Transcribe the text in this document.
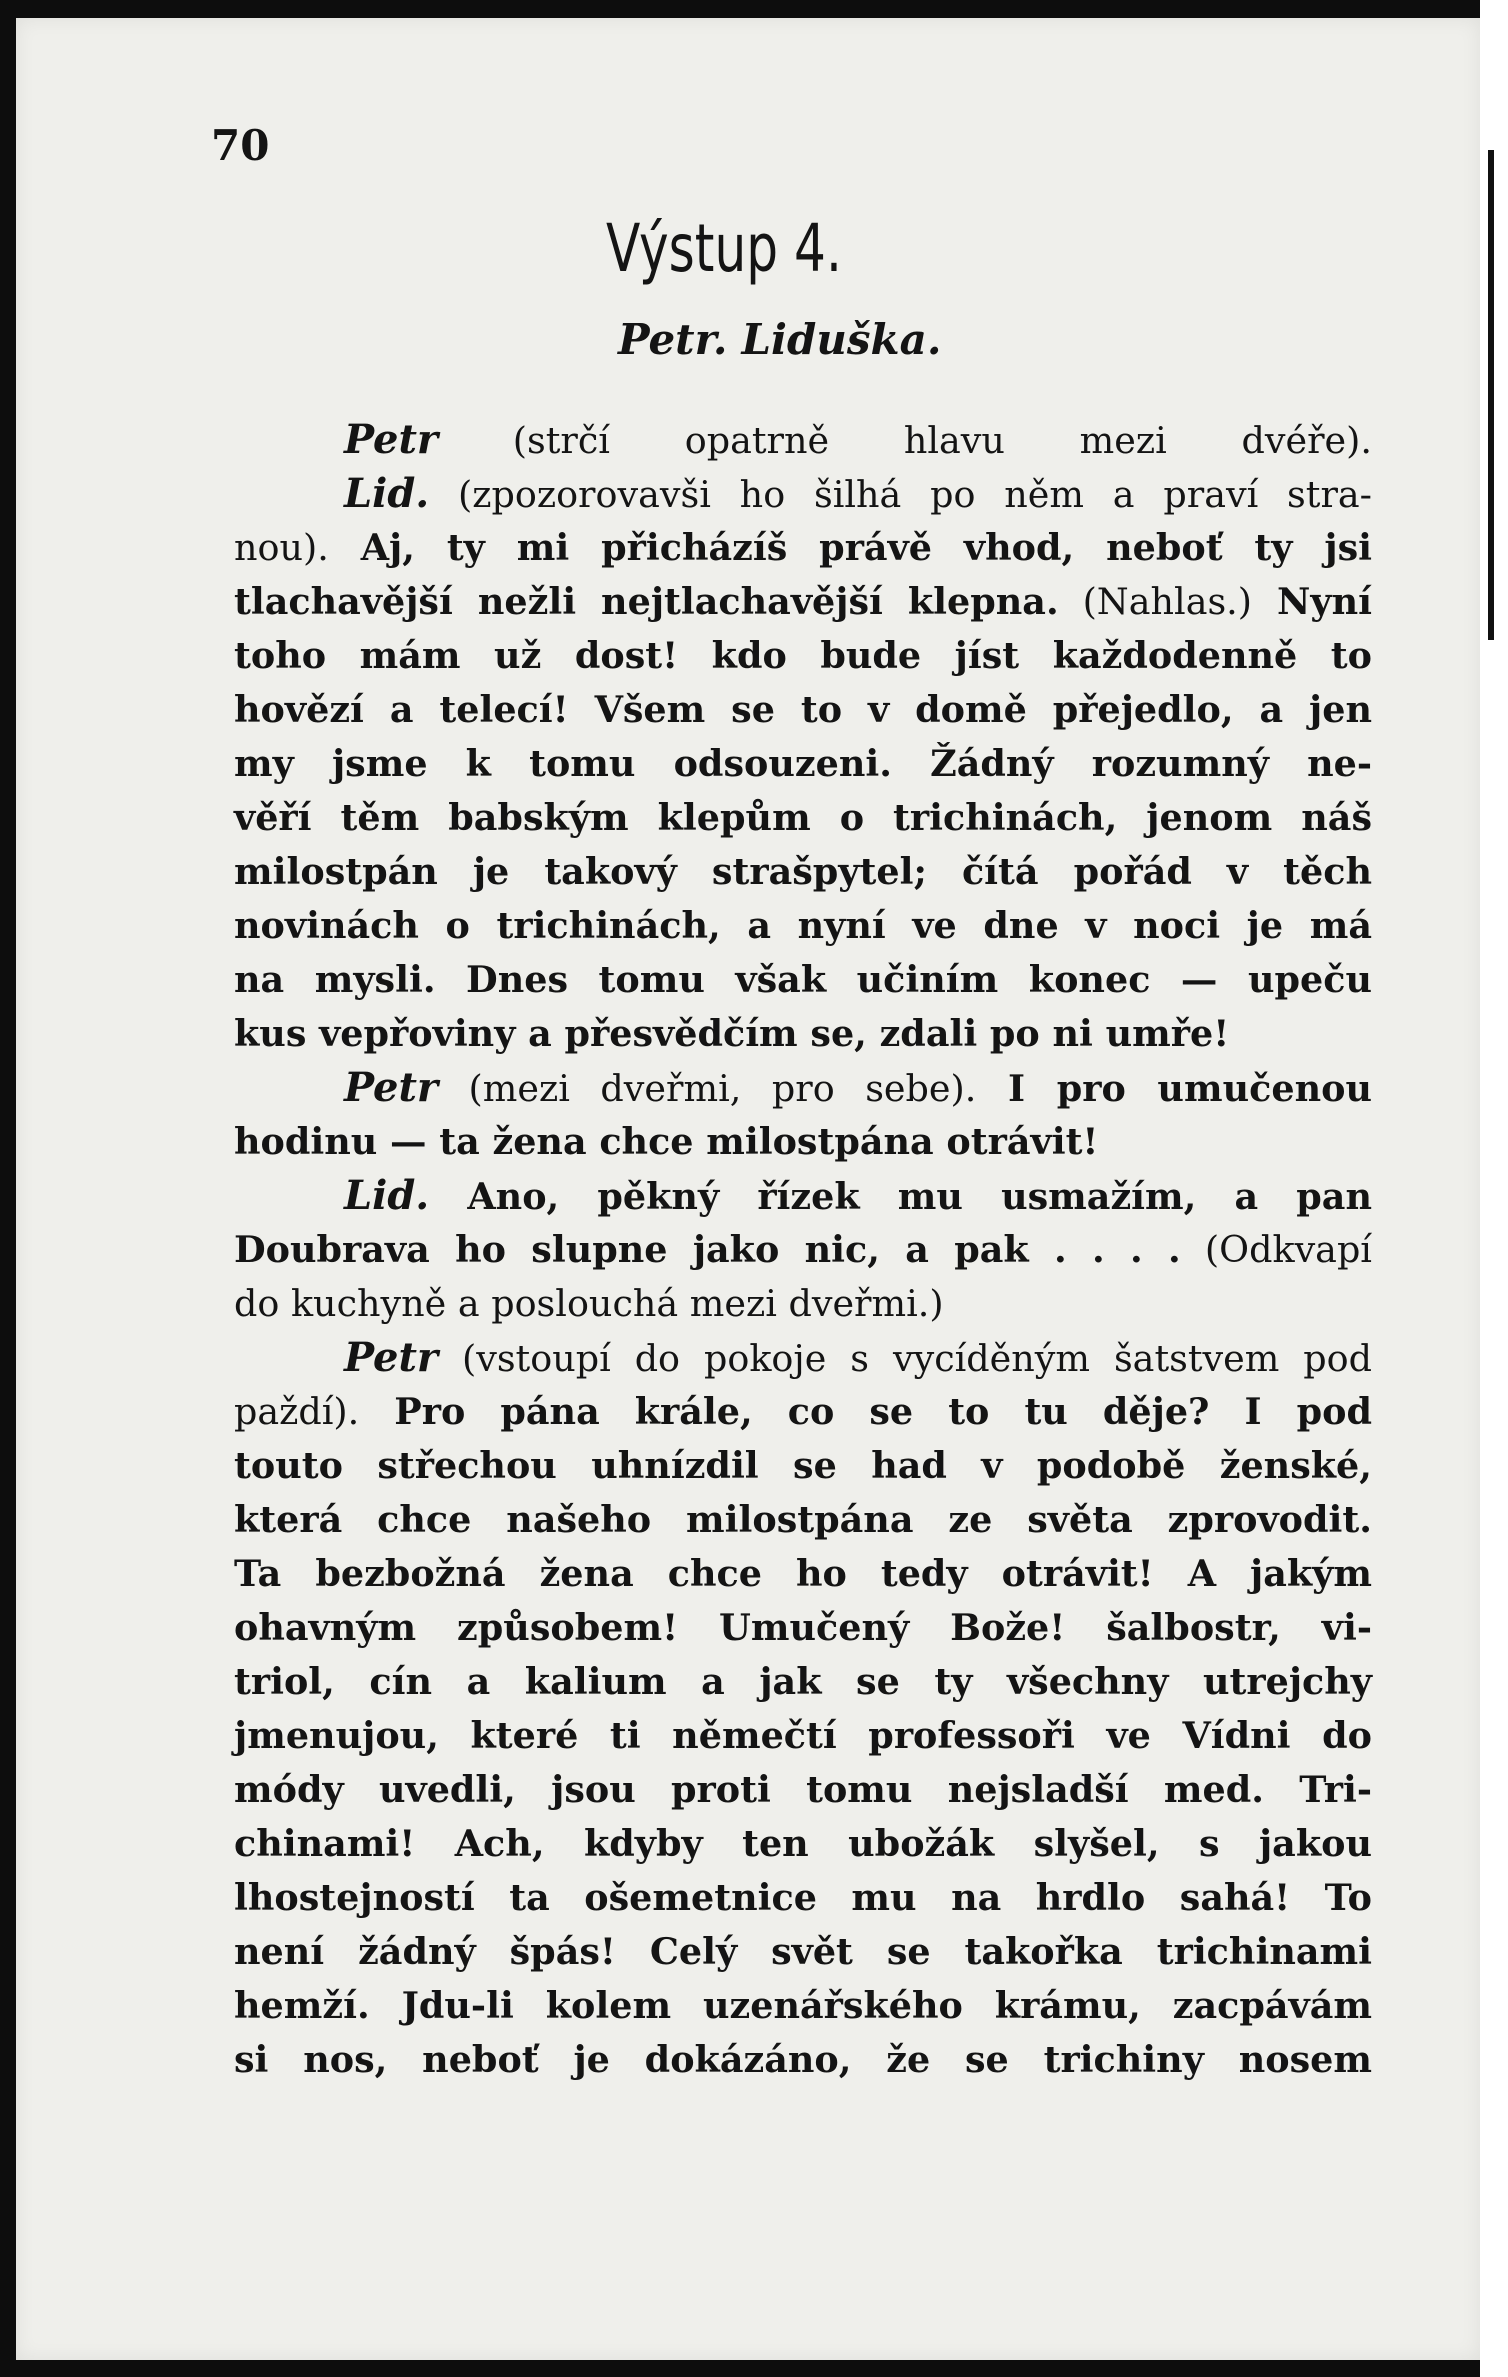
70

Výstup 4.

Petr. Liduška.

Petr (strčí opatrně hlavu mezi dvéře).
Lid. (zpozorovavši ho šilhá po něm a praví stra-
nou). Aj, ty mi přicházíš právě vhod, neboť ty jsi
tlachavější nežli nejtlachavější klepna. (Nahlas.) Nyní
toho mám už dost! kdo bude jíst každodenně to
hovězí a telecí! Všem se to v domě přejedlo, a jen
my jsme k tomu odsouzeni. Žádný rozumný ne-
věří těm babským klepům o trichinách, jenom náš
milostpán je takový strašpytel; čítá pořád v těch
novinách o trichinách, a nyní ve dne v noci je má
na mysli. Dnes tomu však učiním konec — upeču
kus vepřoviny a přesvědčím se, zdali po ni umře!
Petr (mezi dveřmi, pro sebe). I pro umučenou
hodinu — ta žena chce milostpána otrávit!
Lid. Ano, pěkný řízek mu usmažím, a pan
Doubrava ho slupne jako nic, a pak . . . . (Odkvapí
do kuchyně a poslouchá mezi dveřmi.)
Petr (vstoupí do pokoje s vycíděným šatstvem pod
paždí). Pro pána krále, co se to tu děje? I pod
touto střechou uhnízdil se had v podobě ženské,
která chce našeho milostpána ze světa zprovodit.
Ta bezbožná žena chce ho tedy otrávit! A jakým
ohavným způsobem! Umučený Bože! šalbostr, vi-
triol, cín a kalium a jak se ty všechny utrejchy
jmenujou, které ti němečtí professoři ve Vídni do
módy uvedli, jsou proti tomu nejsladší med. Tri-
chinami! Ach, kdyby ten ubožák slyšel, s jakou
lhostejností ta ošemetnice mu na hrdlo sahá! To
není žádný špás! Celý svět se takořka trichinami
hemží. Jdu-li kolem uzenářského krámu, zacpávám
si nos, neboť je dokázáno, že se trichiny nosem
